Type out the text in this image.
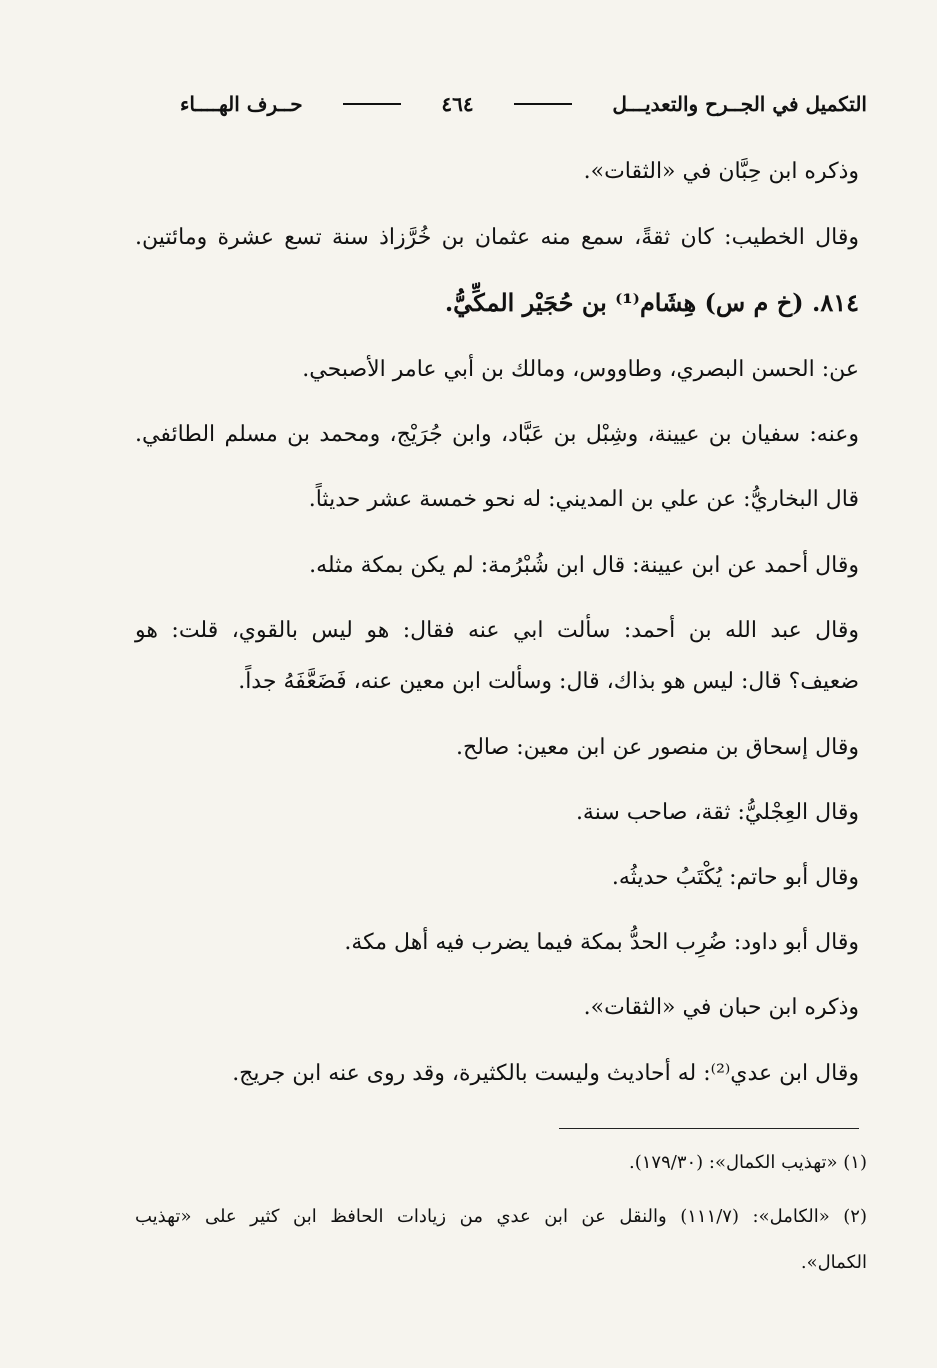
التكميل في الجــرح والتعديـــل
٤٦٤
حــرف الهــــاء
وذكره ابن حِبَّان في «الثقات».
وقال الخطيب: كان ثقةً، سمع منه عثمان بن خُرَّزاذ سنة تسع عشرة ومائتين.
٨١٤. (خ م س) هِشَام⁽¹⁾ بن حُجَيْر المكِّيُّ.
عن: الحسن البصري، وطاووس، ومالك بن أبي عامر الأصبحي.
وعنه: سفيان بن عيينة، وشِبْل بن عَبَّاد، وابن جُرَيْج، ومحمد بن مسلم الطائفي.
قال البخاريُّ: عن علي بن المديني: له نحو خمسة عشر حديثاً.
وقال أحمد عن ابن عيينة: قال ابن شُبْرُمة: لم يكن بمكة مثله.
وقال عبد الله بن أحمد: سألت ابي عنه فقال: هو ليس بالقوي، قلت: هو
ضعيف؟ قال: ليس هو بذاك، قال: وسألت ابن معين عنه، فَضَعَّفَهُ جداً.
وقال إسحاق بن منصور عن ابن معين: صالح.
وقال العِجْليُّ: ثقة، صاحب سنة.
وقال أبو حاتم: يُكْتَبُ حديثُه.
وقال أبو داود: ضُرِب الحدُّ بمكة فيما يضرب فيه أهل مكة.
وذكره ابن حبان في «الثقات».
وقال ابن عدي⁽²⁾: له أحاديث وليست بالكثيرة، وقد روى عنه ابن جريج.
(١) «تهذيب الكمال»: (١٧٩/٣٠).
(٢) «الكامل»: (١١١/٧) والنقل عن ابن عدي من زيادات الحافظ ابن كثير على «تهذيب
الكمال».
